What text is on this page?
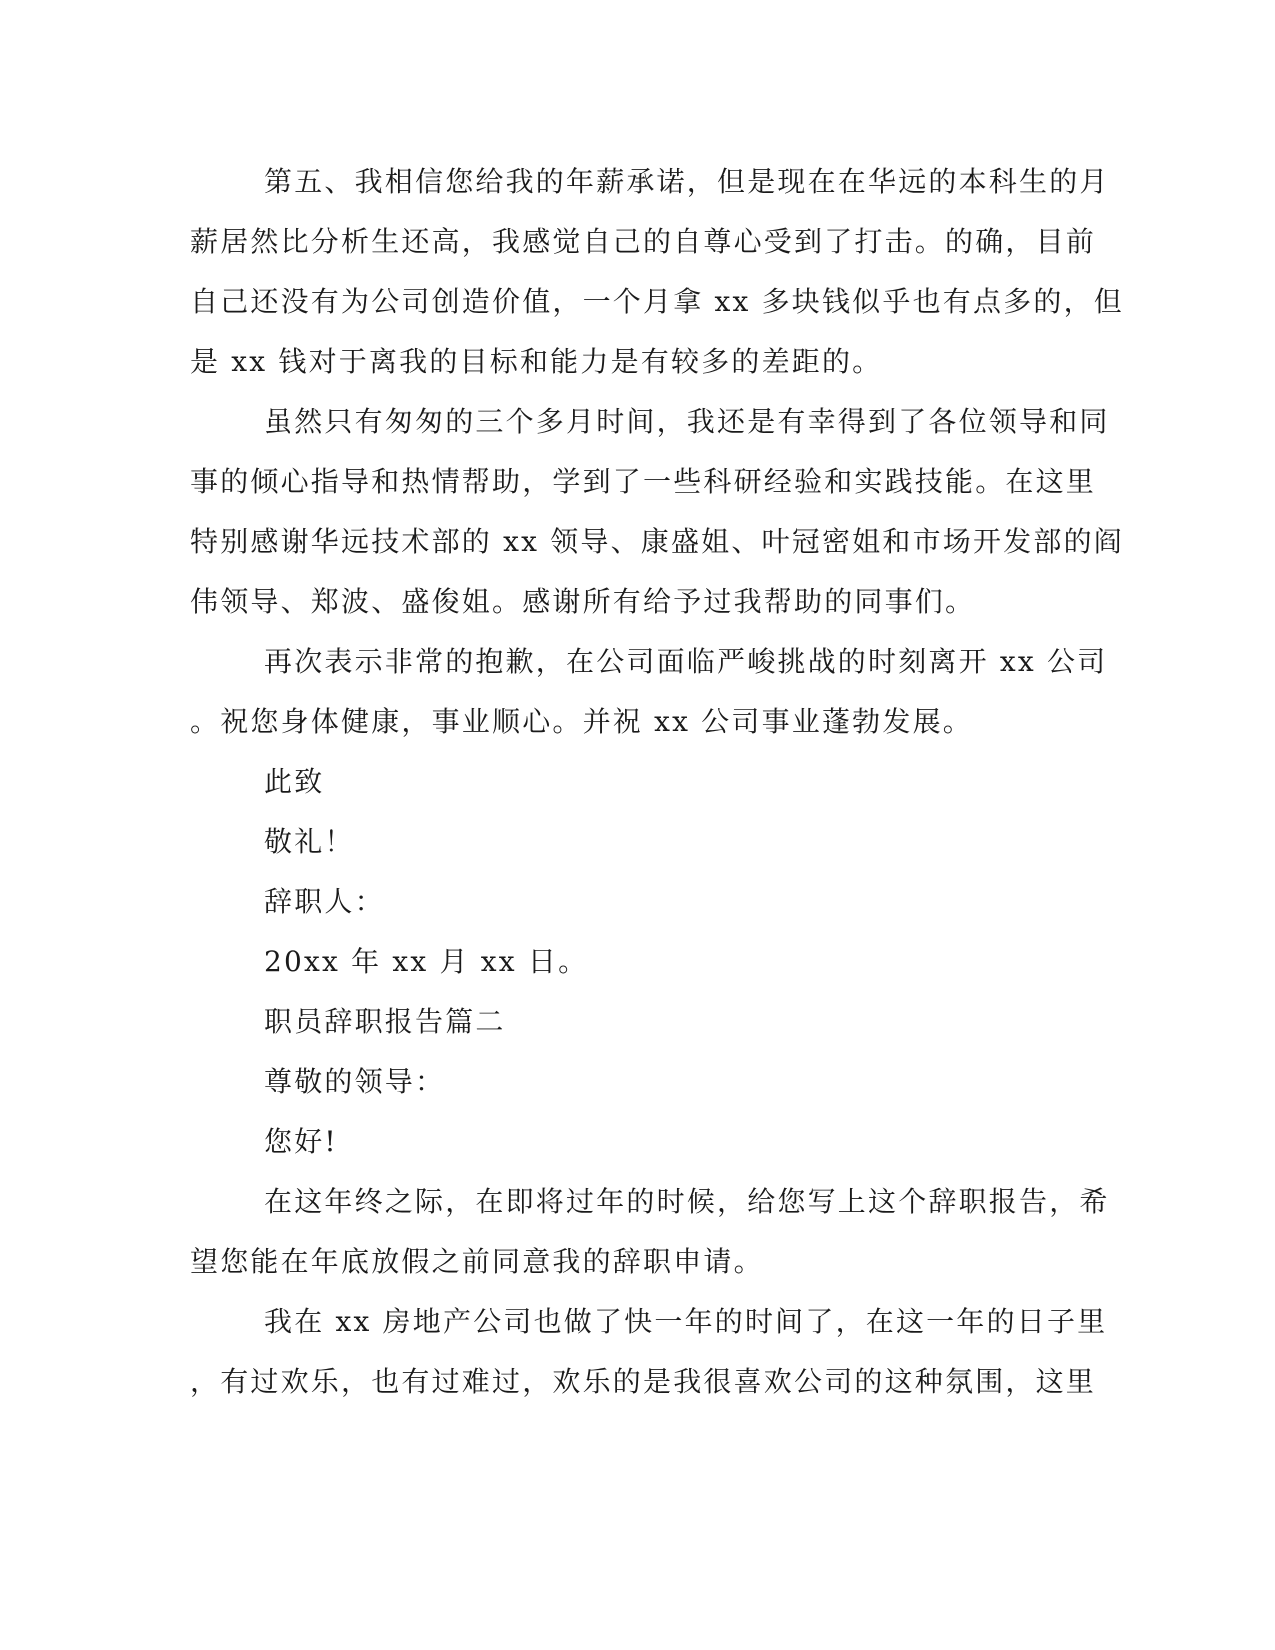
第五、我相信您给我的年薪承诺，但是现在在华远的本科生的月
薪居然比分析生还高，我感觉自己的自尊心受到了打击。的确，目前
自己还没有为公司创造价值，一个月拿 xx 多块钱似乎也有点多的，但
是 xx 钱对于离我的目标和能力是有较多的差距的。
虽然只有匆匆的三个多月时间，我还是有幸得到了各位领导和同
事的倾心指导和热情帮助，学到了一些科研经验和实践技能。在这里
特别感谢华远技术部的 xx 领导、康盛姐、叶冠密姐和市场开发部的阎
伟领导、郑波、盛俊姐。感谢所有给予过我帮助的同事们。
再次表示非常的抱歉，在公司面临严峻挑战的时刻离开 xx 公司
。祝您身体健康，事业顺心。并祝 xx 公司事业蓬勃发展。
此致
敬礼！
辞职人：
20xx 年 xx 月 xx 日。
职员辞职报告篇二
尊敬的领导：
您好!
在这年终之际，在即将过年的时候，给您写上这个辞职报告，希
望您能在年底放假之前同意我的辞职申请。
我在 xx 房地产公司也做了快一年的时间了，在这一年的日子里
，有过欢乐，也有过难过，欢乐的是我很喜欢公司的这种氛围，这里
